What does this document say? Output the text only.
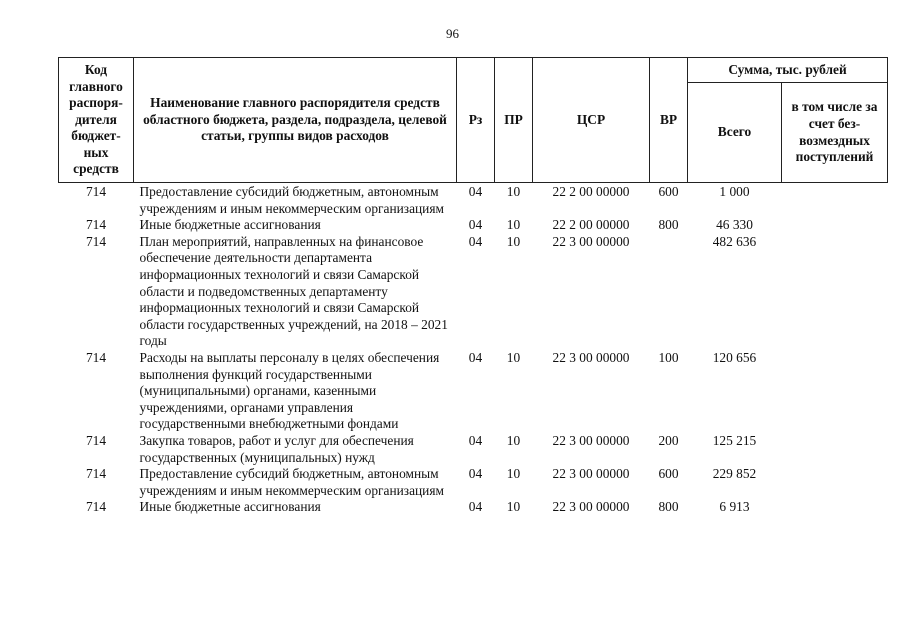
96
Код главного распоря-дителя бюджет-ных средств	Наименование главного распорядителя средств областного бюджета, раздела, подраздела, целевой статьи, группы видов расходов	Рз	ПР	ЦСР	ВР	Сумма, тыс. рублей	
						Всего	в том числе за счет без-возмездных поступлений
714	Предоставление субсидий бюджетным, автономным учреждениям и иным некоммерческим организациям	04	10	22 2 00 00000	600	1 000	
714	Иные бюджетные ассигнования	04	10	22 2 00 00000	800	46 330	
714	План мероприятий, направленных на финансовое обеспечение деятельности департамента информационных технологий и связи Самарской области и подведомственных департаменту информационных технологий и связи Самарской области государственных учреждений, на 2018 – 2021 годы	04	10	22 3 00 00000		482 636	
714	Расходы на выплаты персоналу в целях обеспечения выполнения функций государственными (муниципальными) органами, казенными учреждениями, органами управления государственными внебюджетными фондами	04	10	22 3 00 00000	100	120 656	
714	Закупка товаров, работ и услуг для обеспечения государственных (муниципальных) нужд	04	10	22 3 00 00000	200	125 215	
714	Предоставление субсидий бюджетным, автономным учреждениям и иным некоммерческим организациям	04	10	22 3 00 00000	600	229 852	
714	Иные бюджетные ассигнования	04	10	22 3 00 00000	800	6 913	
